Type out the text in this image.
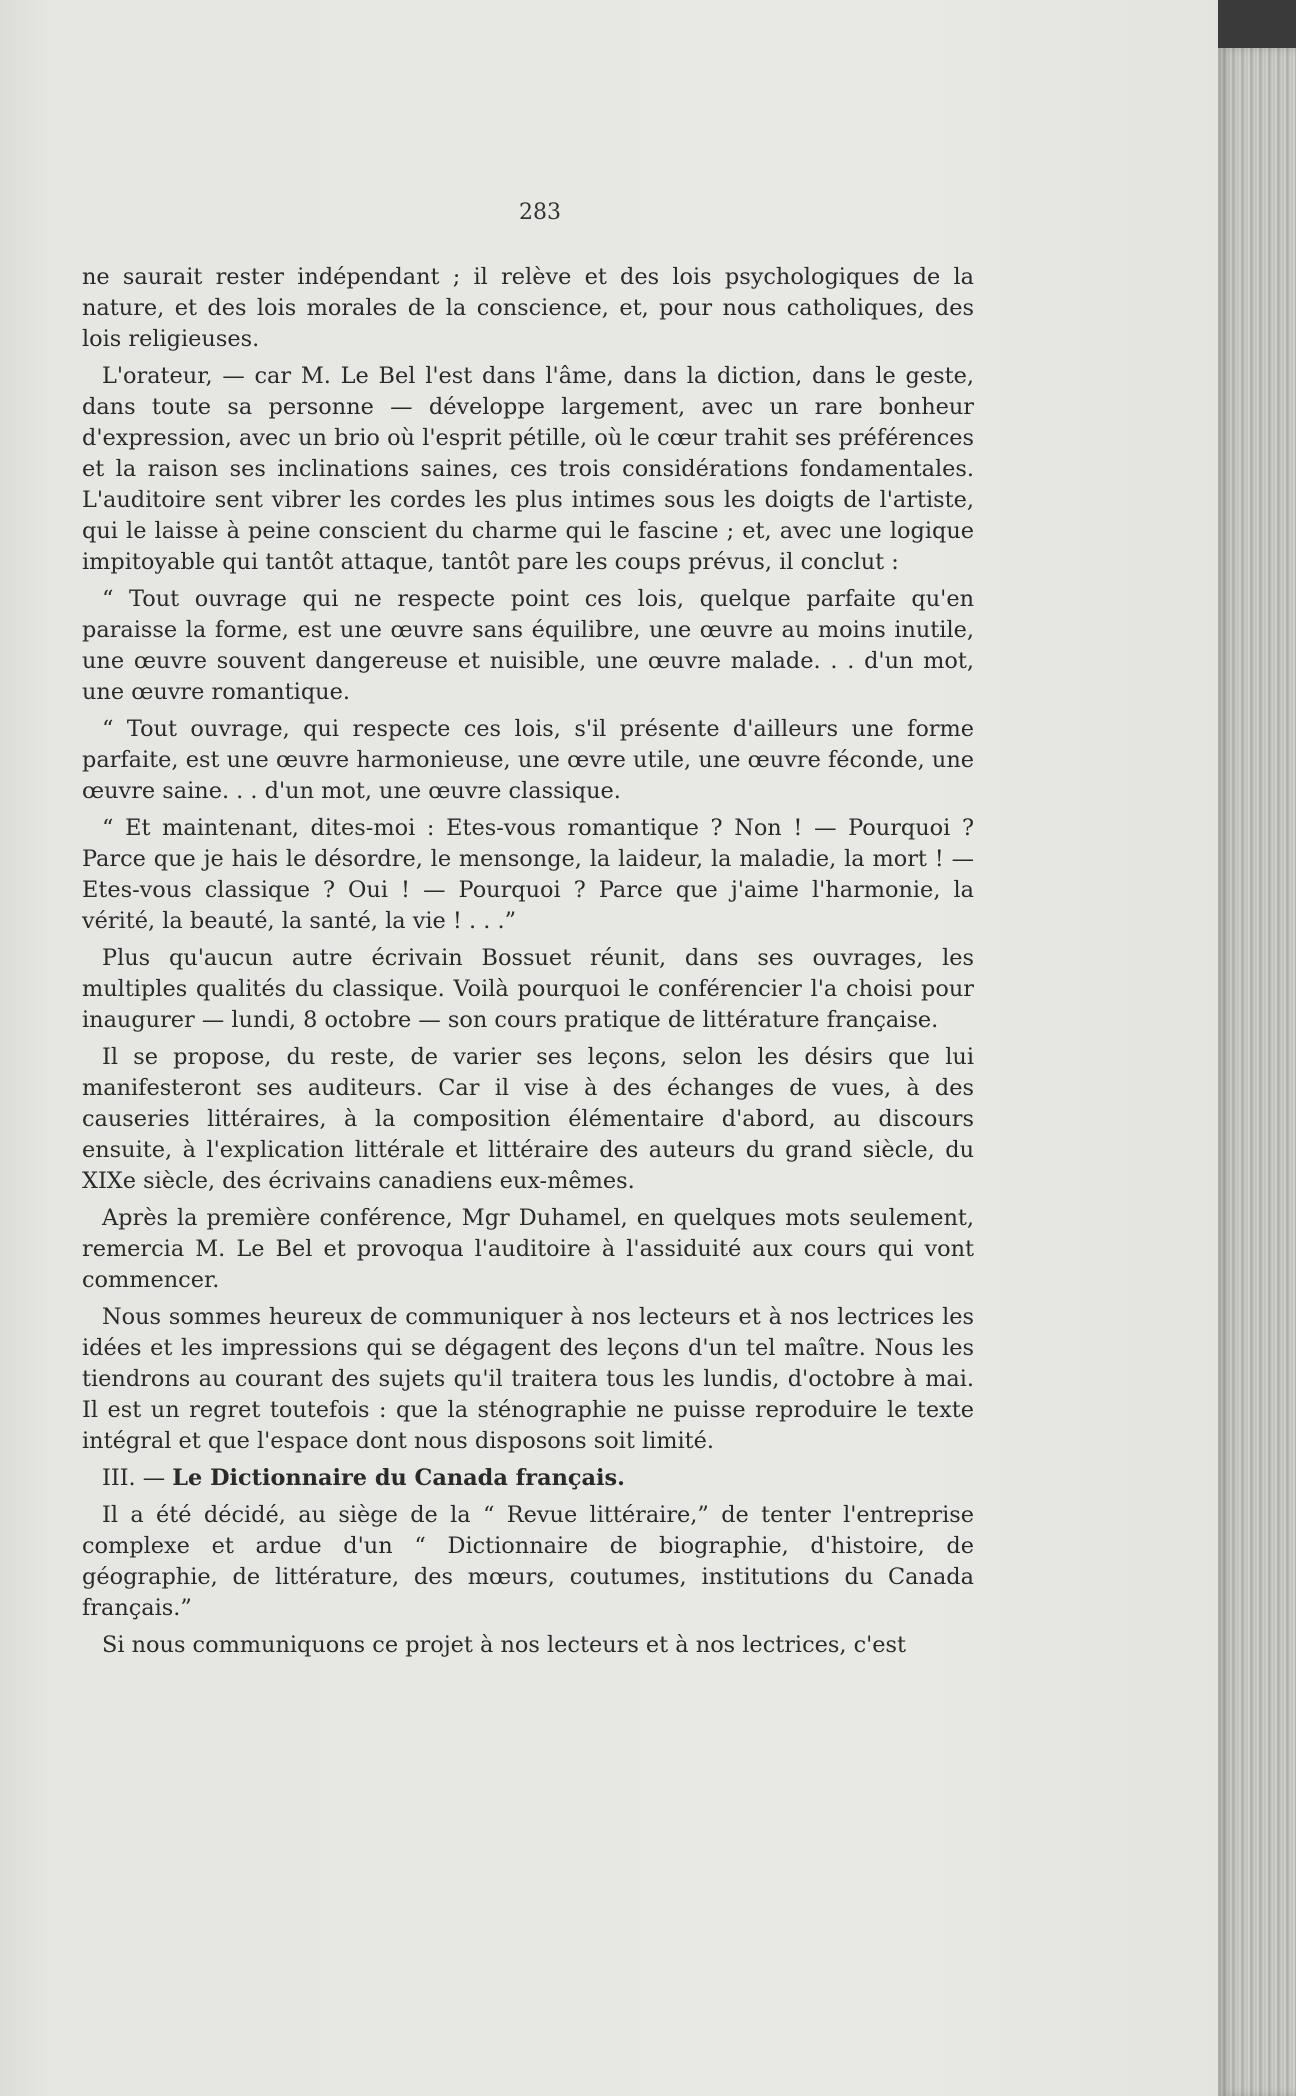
283

ne saurait rester indépendant ; il relève et des lois psychologiques de la nature, et des lois morales de la conscience, et, pour nous catholiques, des lois religieuses.

L'orateur, — car M. Le Bel l'est dans l'âme, dans la diction, dans le geste, dans toute sa personne — développe largement, avec un rare bonheur d'expression, avec un brio où l'esprit pétille, où le cœur trahit ses préférences et la raison ses inclinations saines, ces trois considérations fondamentales. L'auditoire sent vibrer les cordes les plus intimes sous les doigts de l'artiste, qui le laisse à peine conscient du charme qui le fascine ; et, avec une logique impitoyable qui tantôt attaque, tantôt pare les coups prévus, il conclut :

“ Tout ouvrage qui ne respecte point ces lois, quelque parfaite qu'en paraisse la forme, est une œuvre sans équilibre, une œuvre au moins inutile, une œuvre souvent dangereuse et nuisible, une œuvre malade. . . d'un mot, une œuvre romantique.

“ Tout ouvrage, qui respecte ces lois, s'il présente d'ailleurs une forme parfaite, est une œuvre harmonieuse, une œvre utile, une œuvre féconde, une œuvre saine. . . d'un mot, une œuvre classique.

“ Et maintenant, dites-moi : Etes-vous romantique ? Non ! — Pourquoi ? Parce que je hais le désordre, le mensonge, la laideur, la maladie, la mort ! — Etes-vous classique ? Oui ! — Pourquoi ? Parce que j'aime l'harmonie, la vérité, la beauté, la santé, la vie ! . . .”

Plus qu'aucun autre écrivain Bossuet réunit, dans ses ouvrages, les multiples qualités du classique. Voilà pourquoi le conférencier l'a choisi pour inaugurer — lundi, 8 octobre — son cours pratique de littérature française.

Il se propose, du reste, de varier ses leçons, selon les désirs que lui manifesteront ses auditeurs. Car il vise à des échanges de vues, à des causeries littéraires, à la composition élémentaire d'abord, au discours ensuite, à l'explication littérale et littéraire des auteurs du grand siècle, du XIXe siècle, des écrivains canadiens eux-mêmes.

Après la première conférence, Mgr Duhamel, en quelques mots seulement, remercia M. Le Bel et provoqua l'auditoire à l'assiduité aux cours qui vont commencer.

Nous sommes heureux de communiquer à nos lecteurs et à nos lectrices les idées et les impressions qui se dégagent des leçons d'un tel maître. Nous les tiendrons au courant des sujets qu'il traitera tous les lundis, d'octobre à mai. Il est un regret toutefois : que la sténographie ne puisse reproduire le texte intégral et que l'espace dont nous disposons soit limité.

III. — Le Dictionnaire du Canada français.

Il a été décidé, au siège de la “ Revue littéraire,” de tenter l'entreprise complexe et ardue d'un “ Dictionnaire de biographie, d'histoire, de géographie, de littérature, des mœurs, coutumes, institutions du Canada français.”

Si nous communiquons ce projet à nos lecteurs et à nos lectrices, c'est
